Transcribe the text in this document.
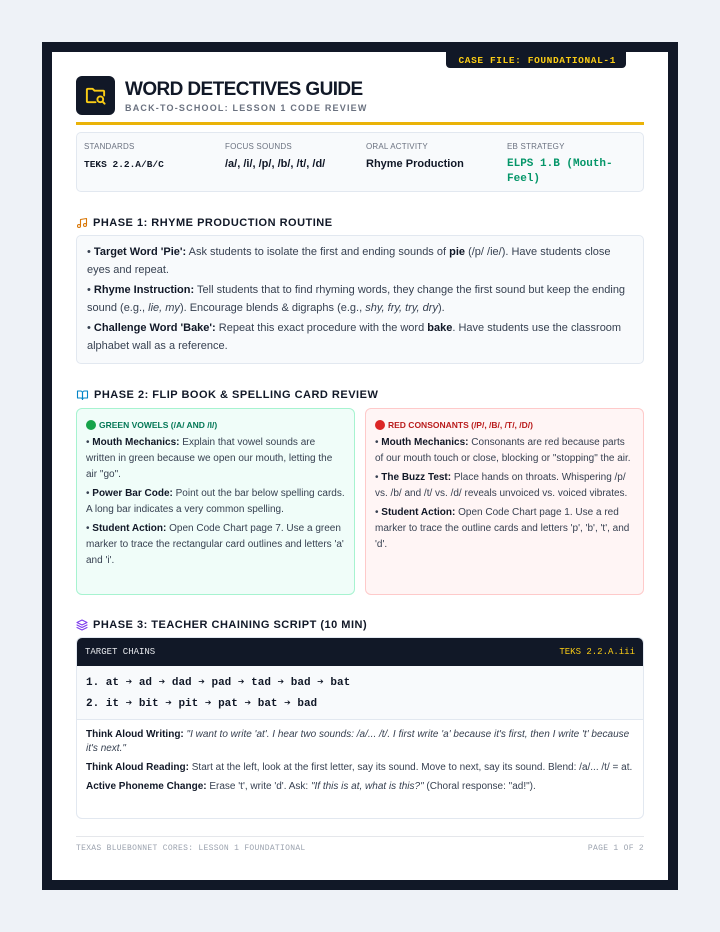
CASE FILE: FOUNDATIONAL-1
WORD DETECTIVES GUIDE
BACK-TO-SCHOOL: LESSON 1 CODE REVIEW
STANDARDS
TEKS 2.2.A/B/C
FOCUS SOUNDS
/a/, /i/, /p/, /b/, /t/, /d/
ORAL ACTIVITY
Rhyme Production
EB STRATEGY
ELPS 1.B (Mouth-Feel)
PHASE 1: RHYME PRODUCTION ROUTINE

• Target Word 'Pie': Ask students to isolate the first and ending sounds of pie (/p/ /ie/). Have students close eyes and repeat.

• Rhyme Instruction: Tell students that to find rhyming words, they change the first sound but keep the ending sound (e.g., lie, my). Encourage blends & digraphs (e.g., shy, fry, try, dry).

• Challenge Word 'Bake': Repeat this exact procedure with the word bake. Have students use the classroom alphabet wall as a reference.

PHASE 2: FLIP BOOK & SPELLING CARD REVIEW
GREEN VOWELS (/A/ AND /I/)

• Mouth Mechanics: Explain that vowel sounds are written in green because we open our mouth, letting the air "go".

• Power Bar Code: Point out the bar below spelling cards. A long bar indicates a very common spelling.

• Student Action: Open Code Chart page 7. Use a green marker to trace the rectangular card outlines and letters 'a' and 'i'.

RED CONSONANTS (/P/, /B/, /T/, /D/)

• Mouth Mechanics: Consonants are red because parts of our mouth touch or close, blocking or "stopping" the air.

• The Buzz Test: Place hands on throats. Whispering /p/ vs. /b/ and /t/ vs. /d/ reveals unvoiced vs. voiced vibrates.

• Student Action: Open Code Chart page 1. Use a red marker to trace the outline cards and letters 'p', 'b', 't', and 'd'.

PHASE 3: TEACHER CHAINING SCRIPT (10 MIN)
TARGET CHAINS	TEKS 2.2.A.iii
1. at ➔ ad ➔ dad ➔ pad ➔ tad ➔ bad ➔ bat
2. it ➔ bit ➔ pit ➔ pat ➔ bat ➔ bad

Think Aloud Writing: "I want to write 'at'. I hear two sounds: /a/... /t/. I first write 'a' because it's first, then I write 't' because it's next."

Think Aloud Reading: Start at the left, look at the first letter, say its sound. Move to next, say its sound. Blend: /a/... /t/ = at.

Active Phoneme Change: Erase 't', write 'd'. Ask: "If this is at, what is this?" (Choral response: "ad!").

TEXAS BLUEBONNET CORES: LESSON 1 FOUNDATIONAL	PAGE 1 OF 2
